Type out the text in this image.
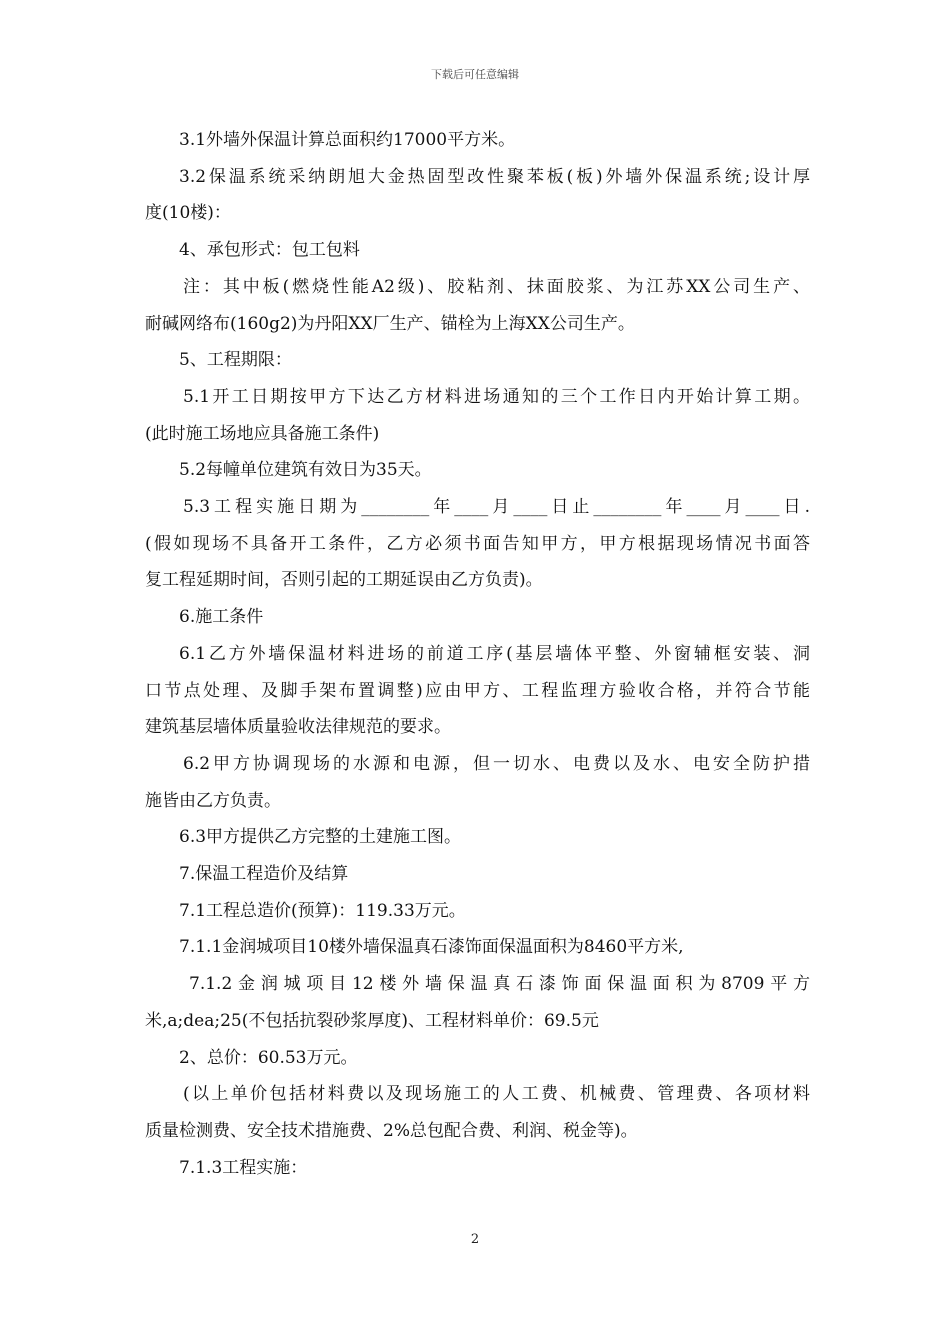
下载后可任意编辑

3.1外墙外保温计算总面积约17000平方米。

3.2保温系统采纳朗旭大金热固型改性聚苯板(板)外墙外保温系统;设计厚

度(10楼)：

4、承包形式：包工包料

注：其中板(燃烧性能A2级)、胶粘剂、抹面胶浆、为江苏XX公司生产、

耐碱网络布(160g2)为丹阳XX厂生产、锚栓为上海XX公司生产。

5、工程期限：

5.1开工日期按甲方下达乙方材料进场通知的三个工作日内开始计算工期。

(此时施工场地应具备施工条件)

5.2每幢单位建筑有效日为35天。

5.3工程实施日期为________年____月____日止________年____月____日.

(假如现场不具备开工条件，乙方必须书面告知甲方，甲方根据现场情况书面答

复工程延期时间，否则引起的工期延误由乙方负责)。

6.施工条件

6.1乙方外墙保温材料进场的前道工序(基层墙体平整、外窗辅框安装、洞

口节点处理、及脚手架布置调整)应由甲方、工程监理方验收合格，并符合节能

建筑基层墙体质量验收法律规范的要求。

6.2甲方协调现场的水源和电源，但一切水、电费以及水、电安全防护措

施皆由乙方负责。

6.3甲方提供乙方完整的土建施工图。

7.保温工程造价及结算

7.1工程总造价(预算)：119.33万元。

7.1.1金润城项目10楼外墙保温真石漆饰面保温面积为8460平方米,

7.1.2金润城项目12楼外墙保温真石漆饰面保温面积为8709平方

米,a;dea;25(不包括抗裂砂浆厚度)、工程材料单价：69.5元

2、总价：60.53万元。

(以上单价包括材料费以及现场施工的人工费、机械费、管理费、各项材料

质量检测费、安全技术措施费、2%总包配合费、利润、税金等)。

7.1.3工程实施：

2
